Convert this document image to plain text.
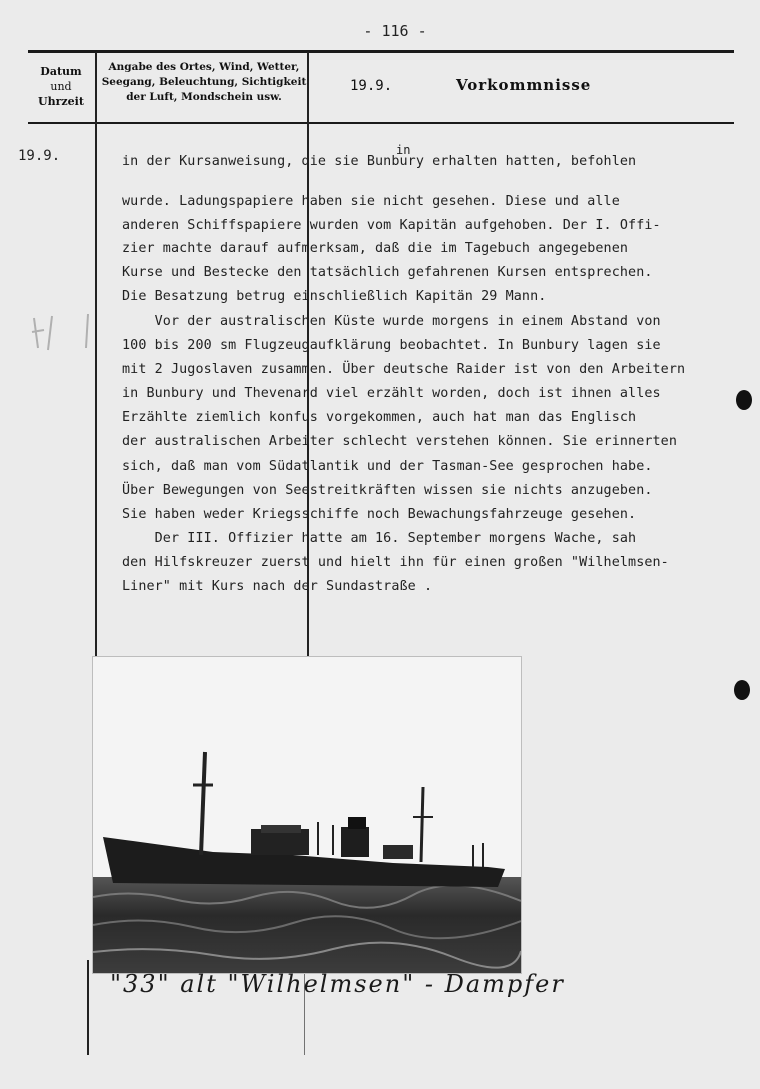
- 116 -
Datum
und
Uhrzeit
Angabe des Ortes, Wind, Wetter,
Seegang, Beleuchtung, Sichtigkeit
der Luft, Mondschein usw.
19.9.	Vorkommnisse
19.9.	in
in der Kursanweisung, die sie Bunbury erhalten hatten, befohlen
wurde. Ladungspapiere haben sie nicht gesehen. Diese und alle
anderen Schiffspapiere wurden vom Kapitän aufgehoben. Der I. Offi-
zier machte darauf aufmerksam, daß die im Tagebuch angegebenen
Kurse und Bestecke den tatsächlich gefahrenen Kursen entsprechen.
Die Besatzung betrug einschließlich Kapitän 29 Mann.
Vor der australischen Küste wurde morgens in einem Abstand von
100 bis 200 sm Flugzeugaufklärung beobachtet. In Bunbury lagen sie
mit 2 Jugoslaven zusammen. Über deutsche Raider ist von den Arbeitern
in Bunbury und Thevenard viel erzählt worden, doch ist ihnen alles
Erzählte ziemlich konfus vorgekommen, auch hat man das Englisch
der australischen Arbeiter schlecht verstehen können. Sie erinnerten
sich, daß man vom Südatlantik und der Tasman-See gesprochen habe.
Über Bewegungen von Seestreitkräften wissen sie nichts anzugeben.
Sie haben weder Kriegsschiffe noch Bewachungsfahrzeuge gesehen.
Der III. Offizier hatte am 16. September morgens Wache, sah
den Hilfskreuzer zuerst und hielt ihn für einen großen "Wilhelmsen-
Liner" mit Kurs nach der Sundastraße .
"33" alt "Wilhelmsen" - Dampfer
